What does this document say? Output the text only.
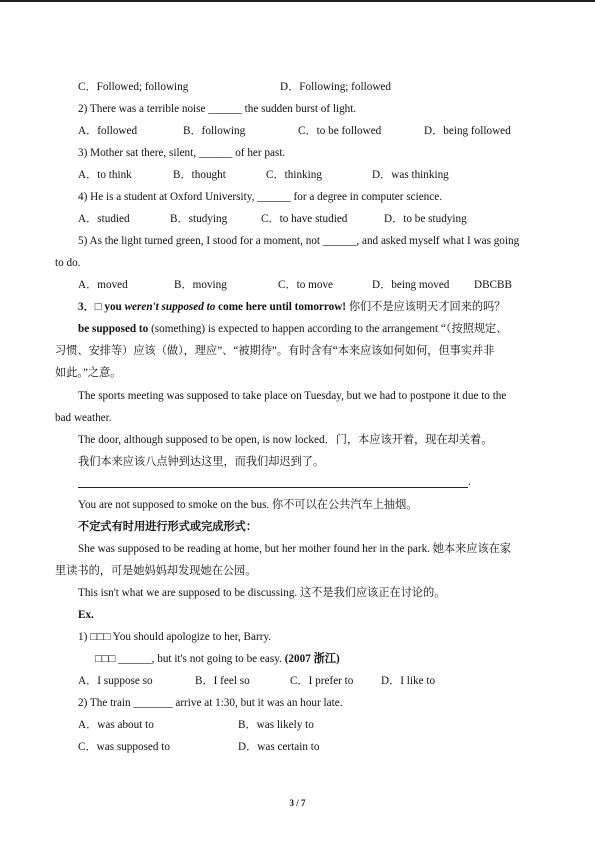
C．Followed; following	D．Following; followed
2) There was a terrible noise ______ the sudden burst of light.
A．followed	B．following	C．to be followed	D．being followed
3) Mother sat there, silent, ______ of her past.
A．to think	B．thought	C．thinking	D．was thinking
4) He is a student at Oxford University, ______ for a degree in computer science.
A．studied	B．studying	C．to have studied	D．to be studying
5) As the light turned green, I stood for a moment, not ______, and asked myself what I was going
to do.
A．moved	B．moving	C．to move	D．being moved DBCBB
3．□ you weren't supposed to come here until tomorrow! 你们不是应该明天才回来的吗？
be supposed to (something) is expected to happen according to the arrangement “（按照规定、
习惯、安排等）应该（做），理应”、“被期待”。有时含有“本来应该如何如何，但事实并非
如此。”之意。
The sports meeting was supposed to take place on Tuesday, but we had to postpone it due to the
bad weather.
The door, although supposed to be open, is now locked．门，本应该开着，现在却关着。
我们本来应该八点钟到达这里，而我们却迟到了。
.
You are not supposed to smoke on the bus. 你不可以在公共汽车上抽烟。
不定式有时用进行形式或完成形式：
She was supposed to be reading at home, but her mother found her in the park. 她本来应该在家
里读书的，可是她妈妈却发现她在公园。
This isn't what we are supposed to be discussing. 这不是我们应该正在讨论的。
Ex.
1) □□□ You should apologize to her, Barry.
□□□ ______, but it's not going to be easy. (2007 浙江)
A．I suppose so	B．I feel so	C．I prefer to D．I like to
2) The train _______ arrive at 1:30, but it was an hour late.
A．was about to	B．was likely to
C．was supposed to	D．was certain to
3 / 7
